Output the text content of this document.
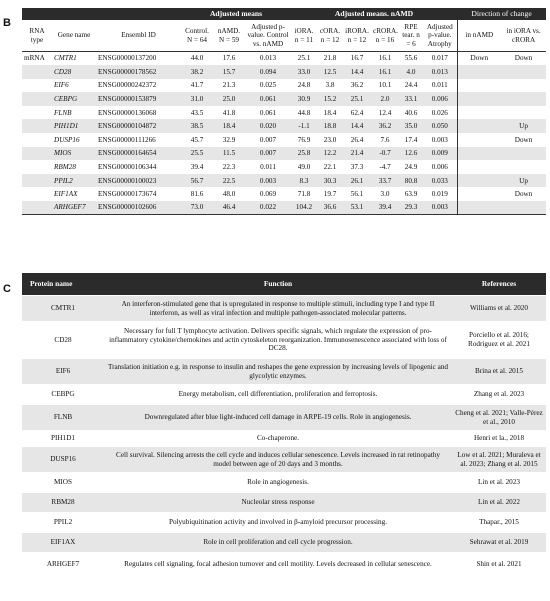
B
			Adjusted means			Adjusted means. nAMD						Direction of change	
RNA type	Gene name	Ensembl ID	Control. N = 64	nAMD. N = 59	Adjusted p-value. Control vs. nAMD	iORA. n = 11	cORA. n = 12	iRORA. n = 12	cRORA. n = 16	RPE tear. n = 6	Adjusted p-value. Atrophy	in nAMD	in iORA vs. cRORA
mRNA	CMTR1	ENSG00000137200	44.0	17.6	0.013	25.1	21.8	16.7	16.1	55.6	0.017	Down	Down
	CD28	ENSG00000178562	38.2	15.7	0.094	33.0	12.5	14.4	16.1	4.0	0.013		
	EIF6	ENSG00000242372	41.7	21.3	0.025	24.8	3.8	36.2	10.1	24.4	0.011		
	CEBPG	ENSG00000153879	31.0	25.0	0.061	30.9	15.2	25.1	2.0	33.1	0.006		
	FLNB	ENSG00000136068	43.5	41.8	0.061	44.8	18.4	62.4	12.4	40.6	0.026		
	PIH1D1	ENSG00000104872	38.5	18.4	0.020	-1.1	18.8	14.4	36.2	35.0	0.050		Up
	DUSP16	ENSG00000111266	45.7	32.9	0.007	76.9	23.0	26.4	7.6	17.4	0.003		Down
	MIOS	ENSG00000164654	25.5	11.5	0.007	25.8	12.2	21.4	-0.7	12.6	0.009		
	RBM28	ENSG00000106344	39.4	22.3	0.011	49.0	22.1	37.3	-4.7	24.9	0.006		
	PPIL2	ENSG00000100023	56.7	22.5	0.003	8.3	30.3	26.1	33.7	80.8	0.033		Up
	EIF1AX	ENSG00000173674	81.6	48.0	0.069	71.8	19.7	56.1	3.0	63.9	0.019		Down
	ARHGEF7	ENSG00000102606	73.0	46.4	0.022	104.2	36.6	53.1	39.4	29.3	0.003		
C	Protein name	Function	References
CMTR1	An interferon-stimulated gene that is upregulated in response to multiple stimuli, including type I and type II interferon, as well as viral infection and multiple pathogen-associated molecular patterns.	Williams et al. 2020
CD28	Necessary for full T lymphocyte activation. Delivers specific signals, which regulate the expression of pro-inflammatory cytokine/chemokines and actin cytoskeleton reorganization. Immunosenescence associated with loss of DC28.	Porciello et al. 2016; Rodriguez et al. 2021
EIF6	Translation initiation e.g. in response to insulin and reshapes the gene expression by increasing levels of lipogenic and glycolytic enzymes.	Brina et al. 2015
CEBPG	Energy metabolism, cell differentiation, proliferation and ferroptosis.	Zhang et al. 2023
FLNB	Downregulated after blue light-induced cell damage in ARPE-19 cells. Role in angiogenesis.	Cheng et al. 2021; Valle-Pérez et al., 2010
PIH1D1	Co-chaperone.	Henri et la., 2018
DUSP16	Cell survival. Silencing arrests the cell cycle and induces cellular senescence. Levels increased in rat retinopathy model between age of 20 days and 3 months.	Low et al. 2021; Muraleva et al. 2023; Zhang et al. 2015
MIOS	Role in angiogenesis.	Lin et al. 2023
RBM28	Nucleolar stress response	Lin et al. 2022
PPIL2	Polyubiquitination activity and involved in β-amyloid precursor processing.	Thapar., 2015
EIF1AX	Role in cell proliferation and cell cycle progression.	Sehrawat et al. 2019
ARHGEF7	Regulates cell signaling, focal adhesion turnover and cell motility. Levels decreased in cellular senescence.	Shin et al. 2021
